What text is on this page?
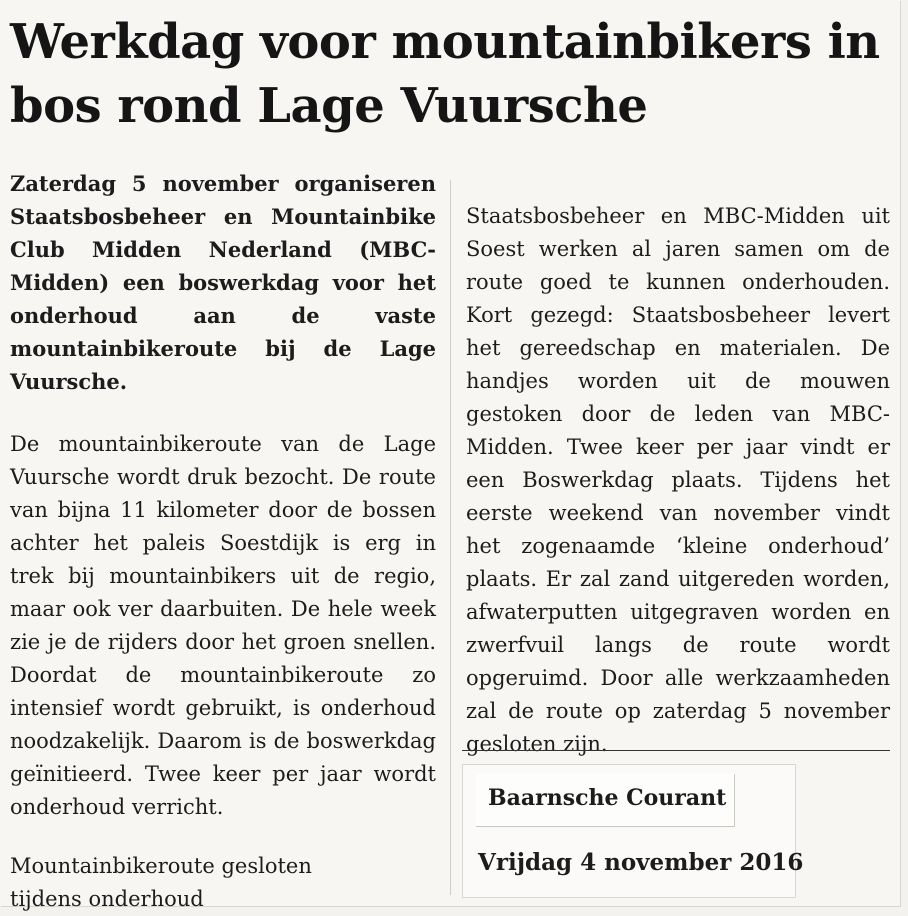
Werkdag voor mountainbikers in bos rond Lage Vuursche

Zaterdag 5 november organiseren Staatsbosbeheer en Mountainbike Club Midden Nederland (MBC-Midden) een boswerkdag voor het onderhoud aan de vaste mountainbikeroute bij de Lage Vuursche.

De mountainbikeroute van de Lage Vuursche wordt druk bezocht. De route van bijna 11 kilometer door de bossen achter het paleis Soestdijk is erg in trek bij mountainbikers uit de regio, maar ook ver daarbuiten. De hele week zie je de rijders door het groen snellen. Doordat de mountainbikeroute zo intensief wordt gebruikt, is onderhoud noodzakelijk. Daarom is de boswerkdag geïnitieerd. Twee keer per jaar wordt onderhoud verricht.

Mountainbikeroute gesloten

tijdens onderhoud

Staatsbosbeheer en MBC-Midden uit Soest werken al jaren samen om de route goed te kunnen onderhouden. Kort gezegd: Staatsbosbeheer levert het gereedschap en materialen. De handjes worden uit de mouwen gestoken door de leden van MBC-Midden. Twee keer per jaar vindt er een Boswerkdag plaats. Tijdens het eerste weekend van november vindt het zogenaamde ‘kleine onderhoud’ plaats. Er zal zand uitgereden worden, afwaterputten uitgegraven worden en zwerfvuil langs de route wordt opgeruimd. Door alle werkzaamheden zal de route op zaterdag 5 november gesloten zijn.

Baarnsche Courant
Vrijdag 4 november 2016
